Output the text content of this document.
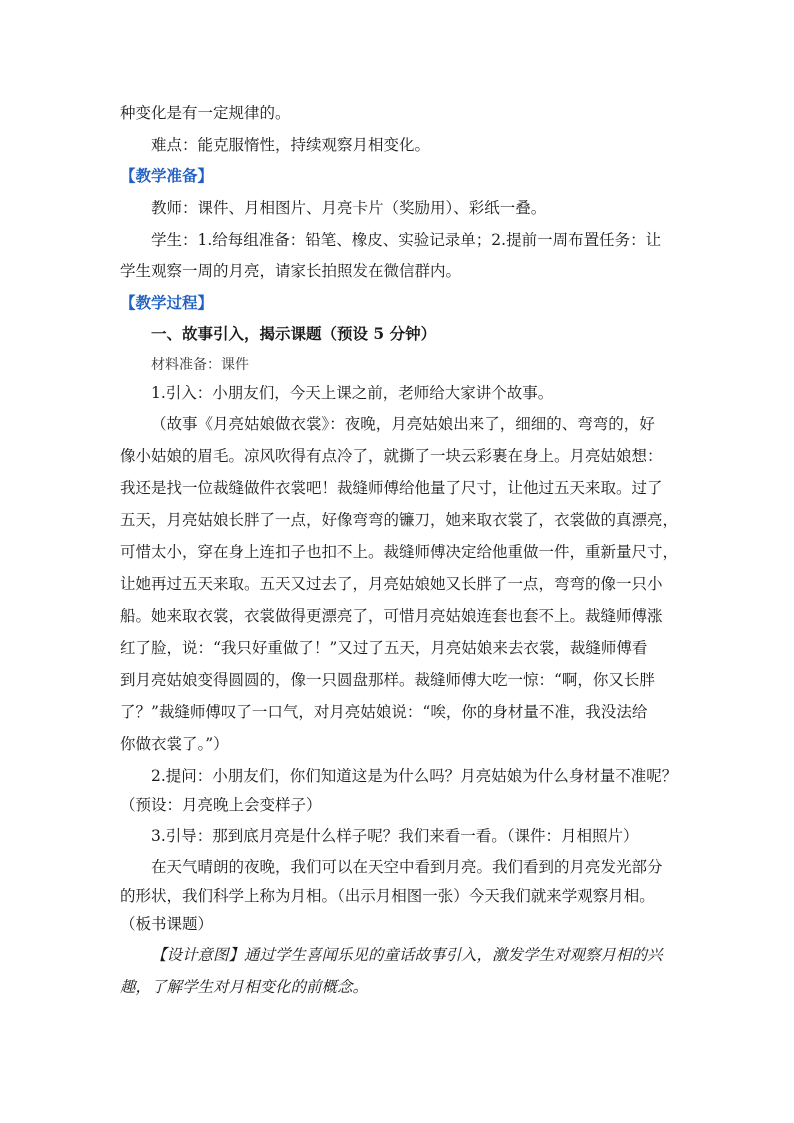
种变化是有一定规律的。
难点：能克服惰性，持续观察月相变化。
【教学准备】
教师：课件、月相图片、月亮卡片（奖励用）、彩纸一叠。
学生：1.给每组准备：铅笔、橡皮、实验记录单；2.提前一周布置任务：让
学生观察一周的月亮，请家长拍照发在微信群内。
【教学过程】
一、故事引入，揭示课题（预设 5 分钟）
材料准备：课件
1.引入：小朋友们，今天上课之前，老师给大家讲个故事。
（故事《月亮姑娘做衣裳》：夜晚，月亮姑娘出来了，细细的、弯弯的，好
像小姑娘的眉毛。凉风吹得有点冷了，就撕了一块云彩裹在身上。月亮姑娘想：
我还是找一位裁缝做件衣裳吧！裁缝师傅给他量了尺寸，让他过五天来取。过了
五天，月亮姑娘长胖了一点，好像弯弯的镰刀，她来取衣裳了，衣裳做的真漂亮，
可惜太小，穿在身上连扣子也扣不上。裁缝师傅决定给他重做一件，重新量尺寸，
让她再过五天来取。五天又过去了，月亮姑娘她又长胖了一点，弯弯的像一只小
船。她来取衣裳，衣裳做得更漂亮了，可惜月亮姑娘连套也套不上。裁缝师傅涨
红了脸，说：“我只好重做了！”又过了五天，月亮姑娘来去衣裳，裁缝师傅看
到月亮姑娘变得圆圆的，像一只圆盘那样。裁缝师傅大吃一惊：“啊，你又长胖
了？”裁缝师傅叹了一口气，对月亮姑娘说：“唉，你的身材量不准，我没法给
你做衣裳了。”）
2.提问：小朋友们，你们知道这是为什么吗？月亮姑娘为什么身材量不准呢？
（预设：月亮晚上会变样子）
3.引导：那到底月亮是什么样子呢？我们来看一看。（课件：月相照片）
在天气晴朗的夜晚，我们可以在天空中看到月亮。我们看到的月亮发光部分
的形状，我们科学上称为月相。（出示月相图一张）今天我们就来学观察月相。
（板书课题）
【设计意图】通过学生喜闻乐见的童话故事引入，激发学生对观察月相的兴
趣，了解学生对月相变化的前概念。
